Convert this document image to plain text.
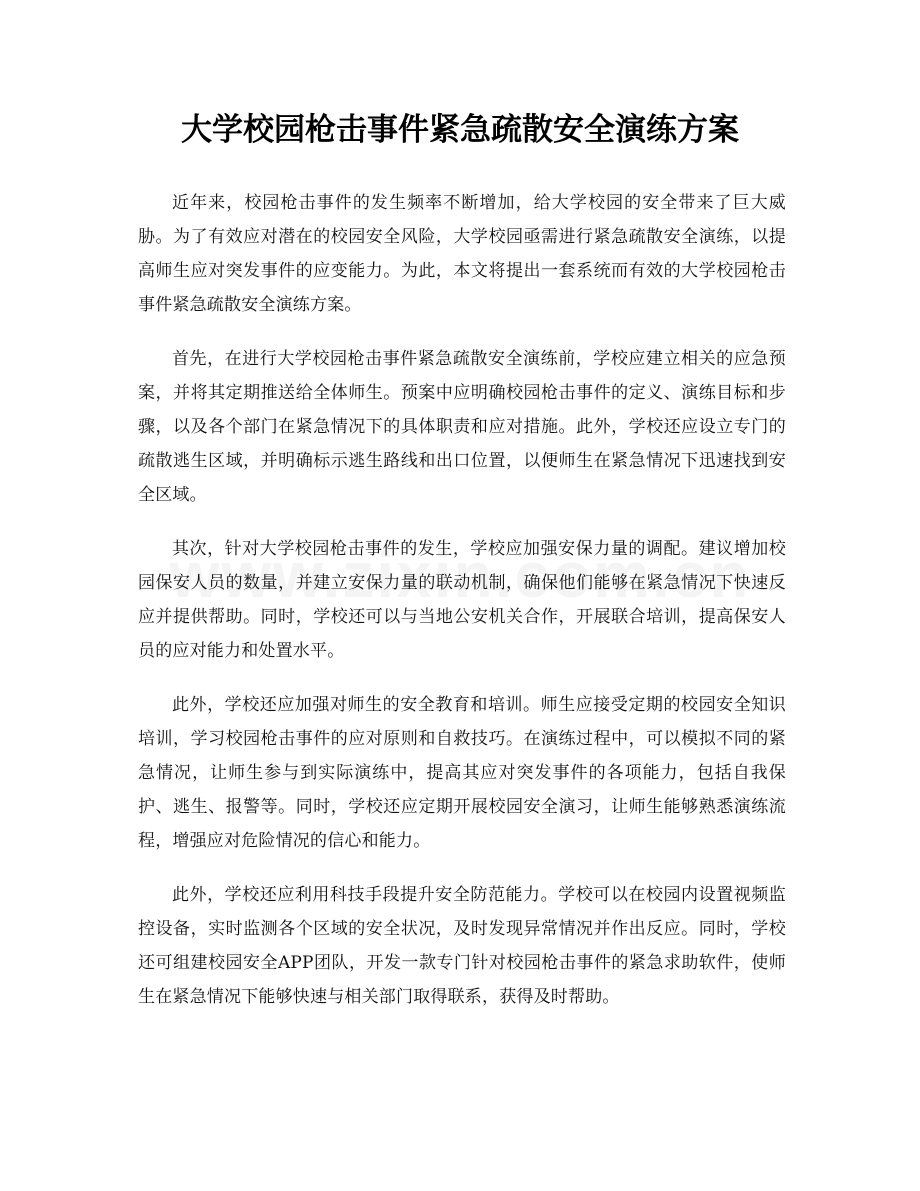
大学校园枪击事件紧急疏散安全演练方案

近年来，校园枪击事件的发生频率不断增加，给大学校园的安全带来了巨大威胁。为了有效应对潜在的校园安全风险，大学校园亟需进行紧急疏散安全演练，以提高师生应对突发事件的应变能力。为此，本文将提出一套系统而有效的大学校园枪击事件紧急疏散安全演练方案。

首先，在进行大学校园枪击事件紧急疏散安全演练前，学校应建立相关的应急预案，并将其定期推送给全体师生。预案中应明确校园枪击事件的定义、演练目标和步骤，以及各个部门在紧急情况下的具体职责和应对措施。此外，学校还应设立专门的疏散逃生区域，并明确标示逃生路线和出口位置，以便师生在紧急情况下迅速找到安全区域。

其次，针对大学校园枪击事件的发生，学校应加强安保力量的调配。建议增加校园保安人员的数量，并建立安保力量的联动机制，确保他们能够在紧急情况下快速反应并提供帮助。同时，学校还可以与当地公安机关合作，开展联合培训，提高保安人员的应对能力和处置水平。

此外，学校还应加强对师生的安全教育和培训。师生应接受定期的校园安全知识培训，学习校园枪击事件的应对原则和自救技巧。在演练过程中，可以模拟不同的紧急情况，让师生参与到实际演练中，提高其应对突发事件的各项能力，包括自我保护、逃生、报警等。同时，学校还应定期开展校园安全演习，让师生能够熟悉演练流程，增强应对危险情况的信心和能力。

此外，学校还应利用科技手段提升安全防范能力。学校可以在校园内设置视频监控设备，实时监测各个区域的安全状况，及时发现异常情况并作出反应。同时，学校还可组建校园安全APP团队，开发一款专门针对校园枪击事件的紧急求助软件，使师生在紧急情况下能够快速与相关部门取得联系，获得及时帮助。
